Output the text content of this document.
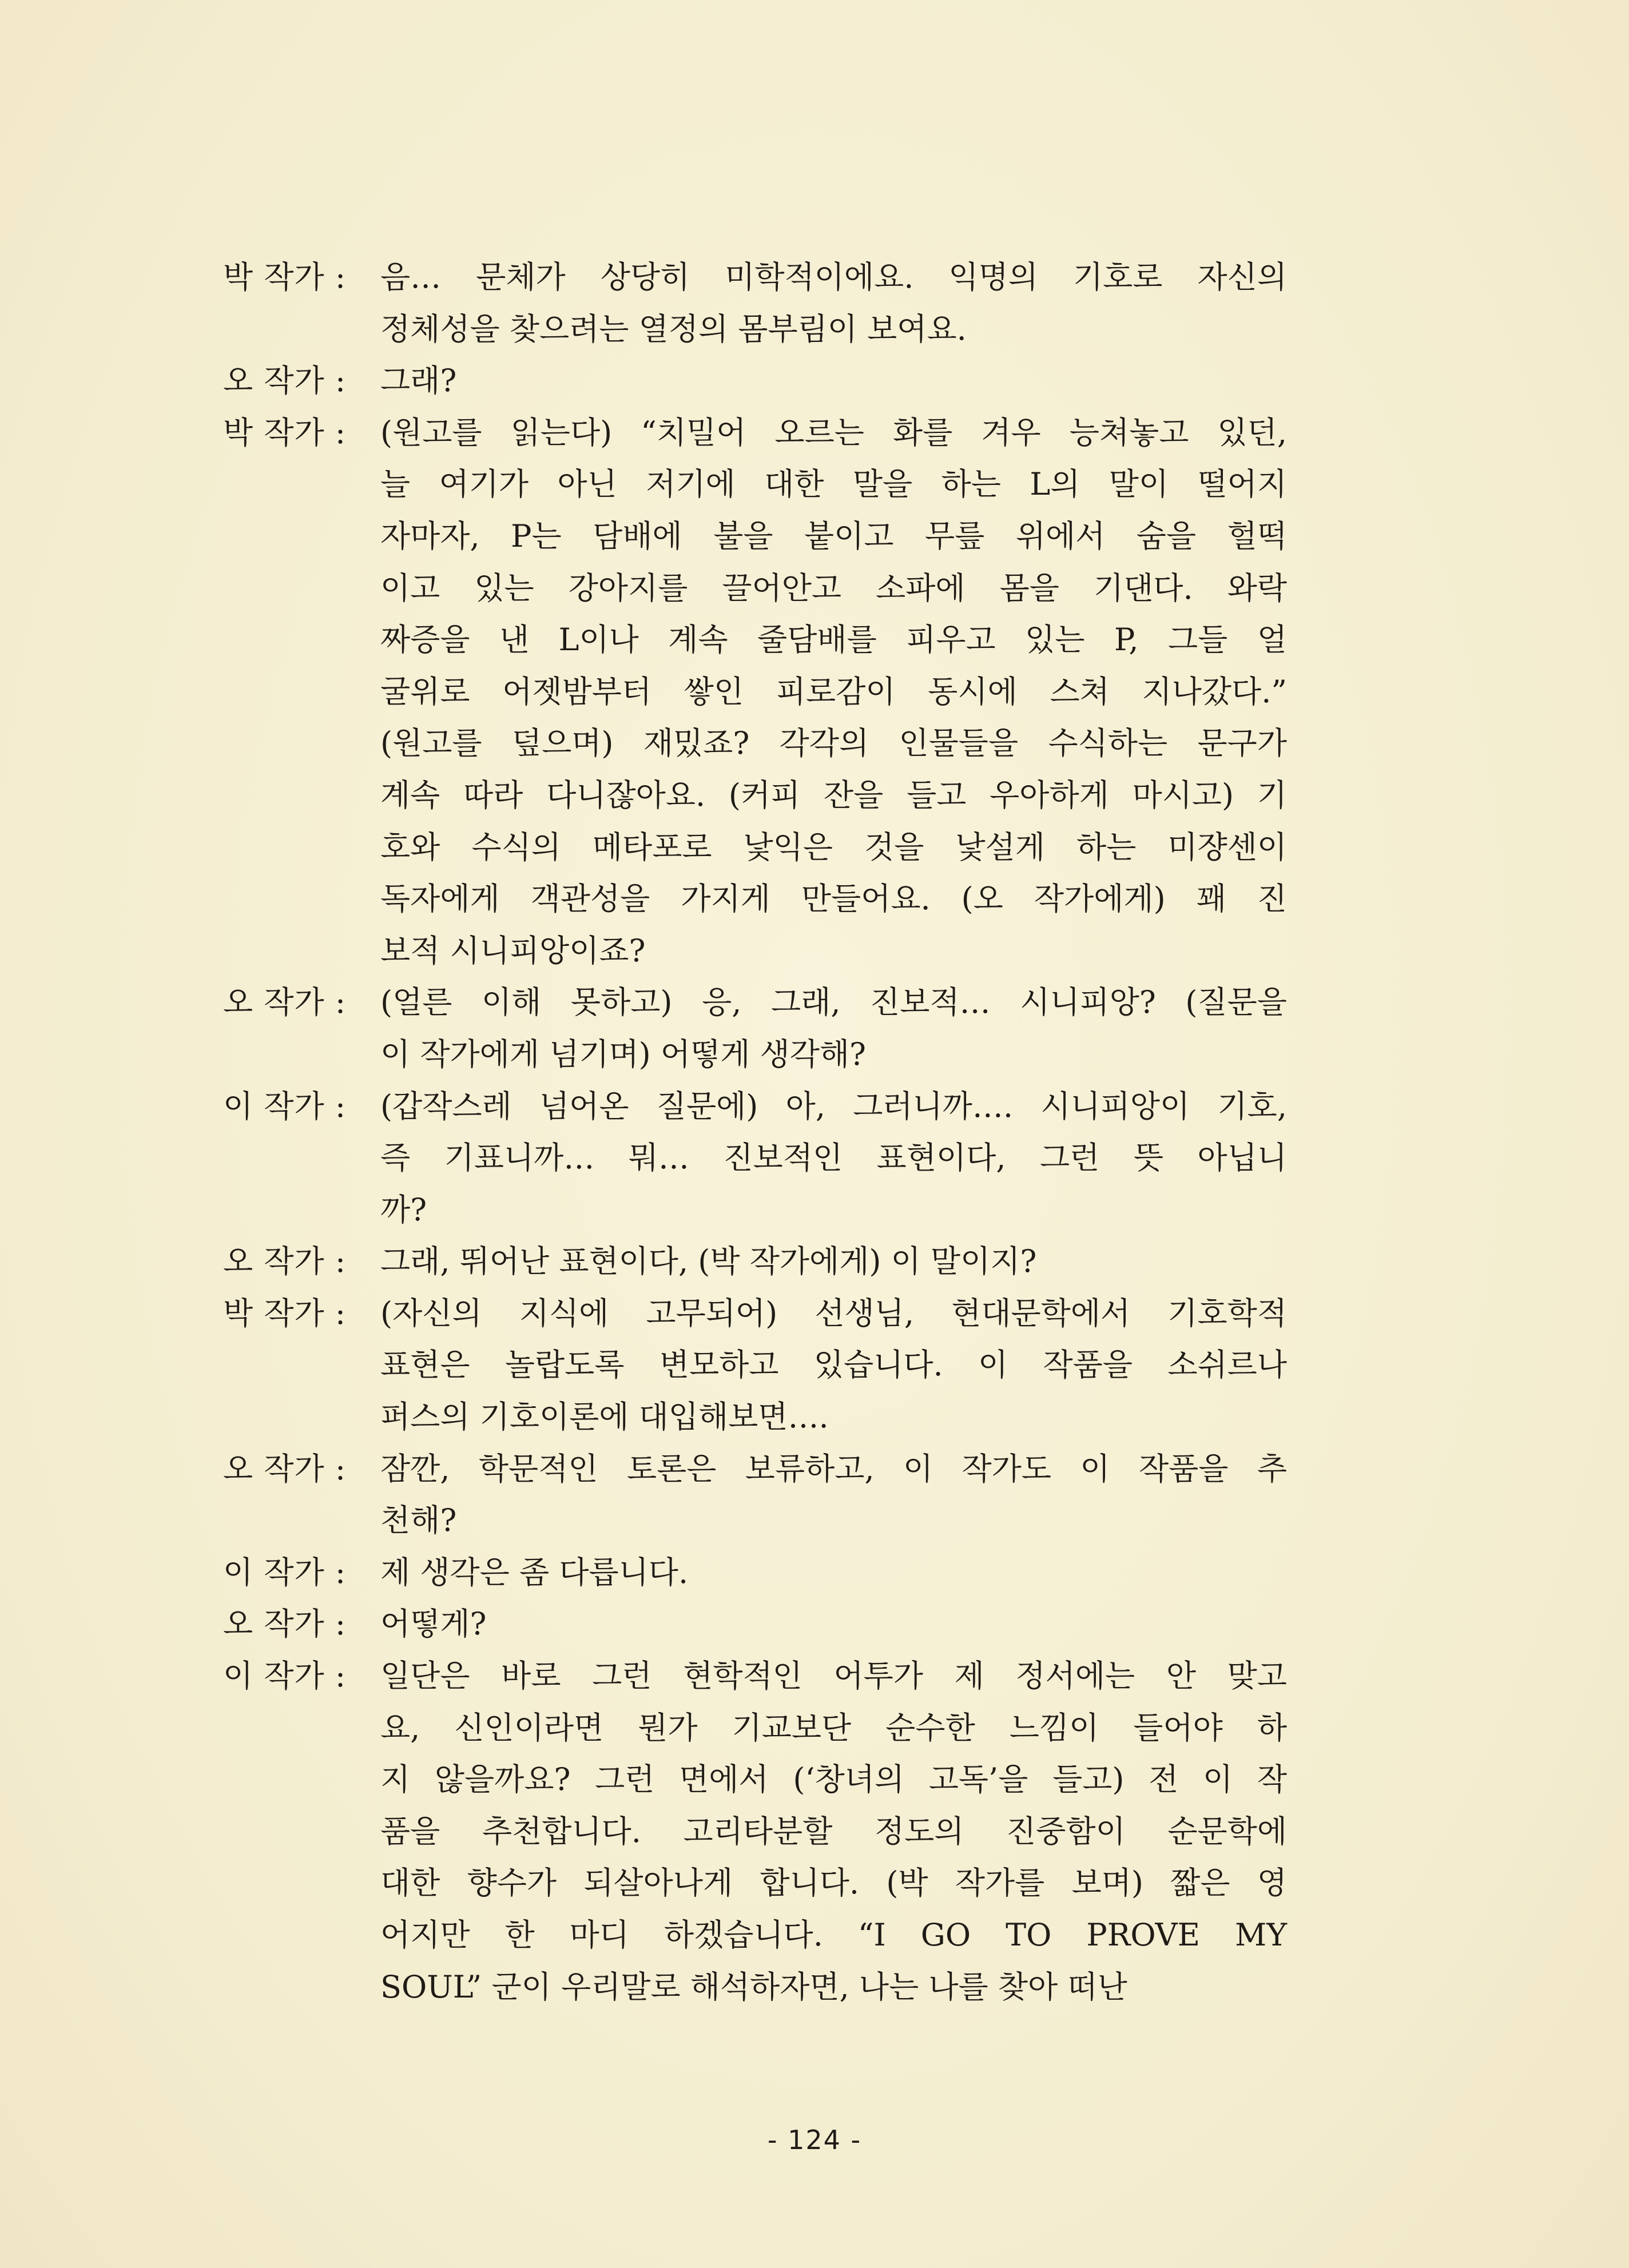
박 작가 :	음… 문체가 상당히 미학적이에요. 익명의 기호로 자신의
정체성을 찾으려는 열정의 몸부림이 보여요.
오 작가 :	그래?
박 작가 :	(원고를 읽는다) “치밀어 오르는 화를 겨우 능쳐놓고 있던,
늘 여기가 아닌 저기에 대한 말을 하는 L의 말이 떨어지
자마자, P는 담배에 불을 붙이고 무릎 위에서 숨을 헐떡
이고 있는 강아지를 끌어안고 소파에 몸을 기댄다. 와락
짜증을 낸 L이나 계속 줄담배를 피우고 있는 P, 그들 얼
굴위로 어젯밤부터 쌓인 피로감이 동시에 스쳐 지나갔다.”
(원고를 덮으며) 재밌죠? 각각의 인물들을 수식하는 문구가
계속 따라 다니잖아요. (커피 잔을 들고 우아하게 마시고) 기
호와 수식의 메타포로 낯익은 것을 낯설게 하는 미쟝센이
독자에게 객관성을 가지게 만들어요. (오 작가에게) 꽤 진
보적 시니피앙이죠?
오 작가 :	(얼른 이해 못하고) 응, 그래, 진보적… 시니피앙? (질문을
이 작가에게 넘기며) 어떻게 생각해?
이 작가 :	(갑작스레 넘어온 질문에) 아, 그러니까…. 시니피앙이 기호,
즉 기표니까… 뭐… 진보적인 표현이다, 그런 뜻 아닙니
까?
오 작가 :	그래, 뛰어난 표현이다, (박 작가에게) 이 말이지?
박 작가 :	(자신의 지식에 고무되어) 선생님, 현대문학에서 기호학적
표현은 놀랍도록 변모하고 있습니다. 이 작품을 소쉬르나
퍼스의 기호이론에 대입해보면….
오 작가 :	잠깐, 학문적인 토론은 보류하고, 이 작가도 이 작품을 추
천해?
이 작가 :	제 생각은 좀 다릅니다.
오 작가 :	어떻게?
이 작가 :	일단은 바로 그런 현학적인 어투가 제 정서에는 안 맞고
요, 신인이라면 뭔가 기교보단 순수한 느낌이 들어야 하
지 않을까요? 그런 면에서 (‘창녀의 고독’을 들고) 전 이 작
품을 추천합니다. 고리타분할 정도의 진중함이 순문학에
대한 향수가 되살아나게 합니다. (박 작가를 보며) 짧은 영
어지만 한 마디 하겠습니다. “I GO TO PROVE MY
SOUL” 군이 우리말로 해석하자면, 나는 나를 찾아 떠난
- 124 -
